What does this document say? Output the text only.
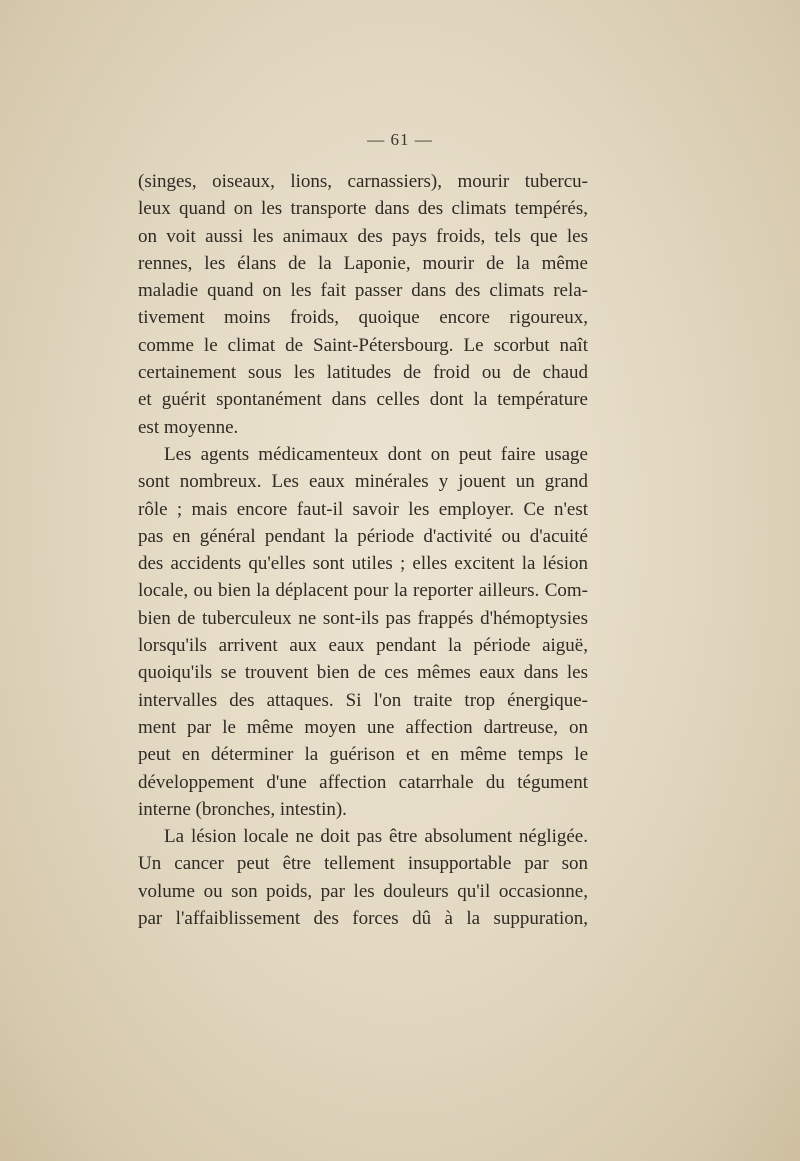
— 61 —
(singes, oiseaux, lions, carnassiers), mourir tubercu-
leux quand on les transporte dans des climats tempérés,
on voit aussi les animaux des pays froids, tels que les
rennes, les élans de la Laponie, mourir de la même
maladie quand on les fait passer dans des climats rela-
tivement moins froids, quoique encore rigoureux,
comme le climat de Saint-Pétersbourg. Le scorbut naît
certainement sous les latitudes de froid ou de chaud
et guérit spontanément dans celles dont la température
est moyenne.
Les agents médicamenteux dont on peut faire usage
sont nombreux. Les eaux minérales y jouent un grand
rôle ; mais encore faut-il savoir les employer. Ce n'est
pas en général pendant la période d'activité ou d'acuité
des accidents qu'elles sont utiles ; elles excitent la lésion
locale, ou bien la déplacent pour la reporter ailleurs. Com-
bien de tuberculeux ne sont-ils pas frappés d'hémoptysies
lorsqu'ils arrivent aux eaux pendant la période aiguë,
quoiqu'ils se trouvent bien de ces mêmes eaux dans les
intervalles des attaques. Si l'on traite trop énergique-
ment par le même moyen une affection dartreuse, on
peut en déterminer la guérison et en même temps le
développement d'une affection catarrhale du tégument
interne (bronches, intestin).
La lésion locale ne doit pas être absolument négligée.
Un cancer peut être tellement insupportable par son
volume ou son poids, par les douleurs qu'il occasionne,
par l'affaiblissement des forces dû à la suppuration,
